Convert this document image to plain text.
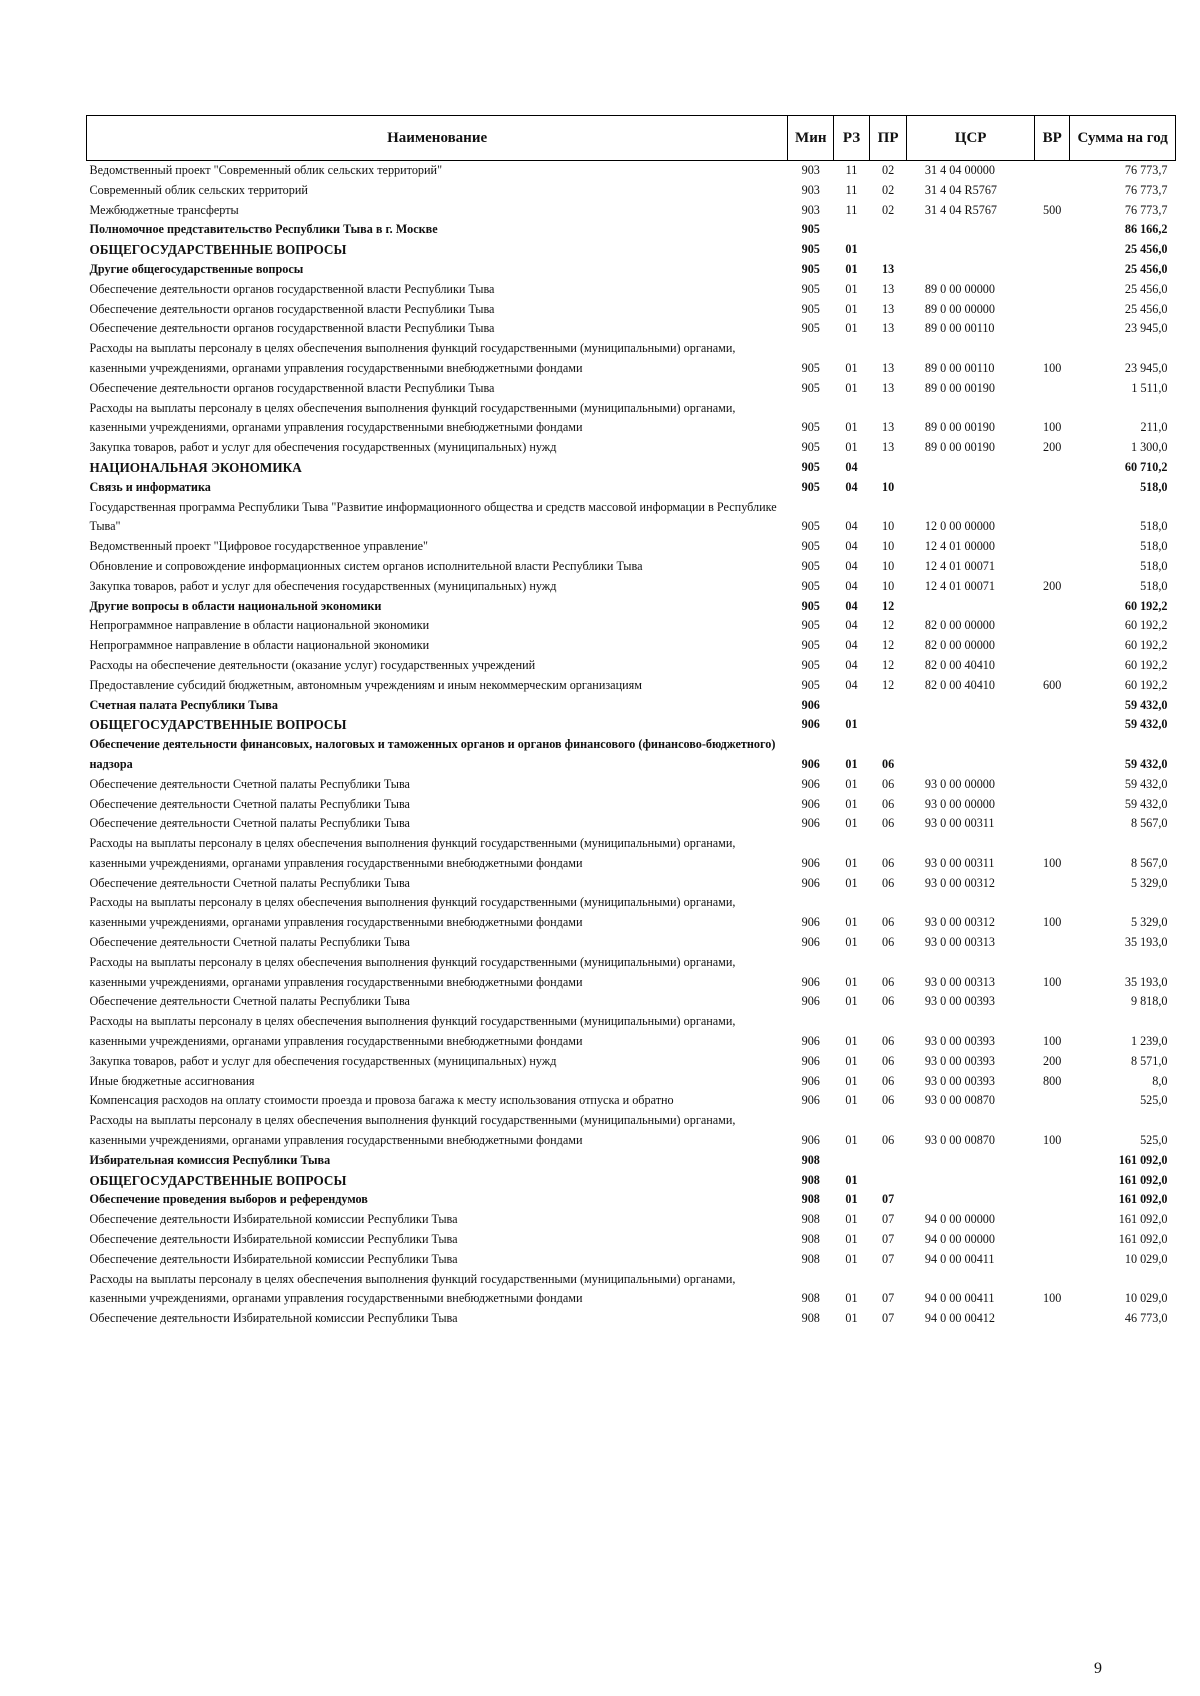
Наименование	Мин	РЗ	ПР	ЦСР	ВР	Сумма на год
Ведомственный проект "Современный облик сельских территорий"	903	11	02	31 4 04 00000		76 773,7
Современный облик сельских территорий	903	11	02	31 4 04 R5767		76 773,7
Межбюджетные трансферты	903	11	02	31 4 04 R5767	500	76 773,7
Полномочное представительство Республики Тыва в г. Москве	905					86 166,2
ОБЩЕГОСУДАРСТВЕННЫЕ ВОПРОСЫ	905	01				25 456,0
Другие общегосударственные вопросы	905	01	13			25 456,0
Обеспечение деятельности органов государственной власти Республики Тыва	905	01	13	89 0 00 00000		25 456,0
Обеспечение деятельности органов государственной власти Республики Тыва	905	01	13	89 0 00 00000		25 456,0
Обеспечение деятельности органов государственной власти Республики Тыва	905	01	13	89 0 00 00110		23 945,0
Расходы на выплаты персоналу в целях обеспечения выполнения функций государственными (муниципальными) органами, казенными учреждениями, органами управления государственными внебюджетными фондами	905	01	13	89 0 00 00110	100	23 945,0
Обеспечение деятельности органов государственной власти Республики Тыва	905	01	13	89 0 00 00190		1 511,0
Расходы на выплаты персоналу в целях обеспечения выполнения функций государственными (муниципальными) органами, казенными учреждениями, органами управления государственными внебюджетными фондами	905	01	13	89 0 00 00190	100	211,0
Закупка товаров, работ и услуг для обеспечения государственных (муниципальных) нужд	905	01	13	89 0 00 00190	200	1 300,0
НАЦИОНАЛЬНАЯ ЭКОНОМИКА	905	04				60 710,2
Связь и информатика	905	04	10			518,0
Государственная программа Республики Тыва "Развитие информационного общества и средств массовой информации в Республике Тыва"	905	04	10	12 0 00 00000		518,0
Ведомственный проект "Цифровое государственное управление"	905	04	10	12 4 01 00000		518,0
Обновление и сопровождение информационных систем органов исполнительной власти Республики Тыва	905	04	10	12 4 01 00071		518,0
Закупка товаров, работ и услуг для обеспечения государственных (муниципальных) нужд	905	04	10	12 4 01 00071	200	518,0
Другие вопросы в области национальной экономики	905	04	12			60 192,2
Непрограммное направление в области национальной экономики	905	04	12	82 0 00 00000		60 192,2
Непрограммное направление в области национальной экономики	905	04	12	82 0 00 00000		60 192,2
Расходы на обеспечение деятельности (оказание услуг) государственных учреждений	905	04	12	82 0 00 40410		60 192,2
Предоставление субсидий бюджетным, автономным учреждениям и иным некоммерческим организациям	905	04	12	82 0 00 40410	600	60 192,2
Счетная палата Республики Тыва	906					59 432,0
ОБЩЕГОСУДАРСТВЕННЫЕ ВОПРОСЫ	906	01				59 432,0
Обеспечение деятельности финансовых, налоговых и таможенных органов и органов финансового (финансово-бюджетного) надзора	906	01	06			59 432,0
Обеспечение деятельности Счетной палаты Республики Тыва	906	01	06	93 0 00 00000		59 432,0
Обеспечение деятельности Счетной палаты Республики Тыва	906	01	06	93 0 00 00000		59 432,0
Обеспечение деятельности Счетной палаты Республики Тыва	906	01	06	93 0 00 00311		8 567,0
Расходы на выплаты персоналу в целях обеспечения выполнения функций государственными (муниципальными) органами, казенными учреждениями, органами управления государственными внебюджетными фондами	906	01	06	93 0 00 00311	100	8 567,0
Обеспечение деятельности Счетной палаты Республики Тыва	906	01	06	93 0 00 00312		5 329,0
Расходы на выплаты персоналу в целях обеспечения выполнения функций государственными (муниципальными) органами, казенными учреждениями, органами управления государственными внебюджетными фондами	906	01	06	93 0 00 00312	100	5 329,0
Обеспечение деятельности Счетной палаты Республики Тыва	906	01	06	93 0 00 00313		35 193,0
Расходы на выплаты персоналу в целях обеспечения выполнения функций государственными (муниципальными) органами, казенными учреждениями, органами управления государственными внебюджетными фондами	906	01	06	93 0 00 00313	100	35 193,0
Обеспечение деятельности Счетной палаты Республики Тыва	906	01	06	93 0 00 00393		9 818,0
Расходы на выплаты персоналу в целях обеспечения выполнения функций государственными (муниципальными) органами, казенными учреждениями, органами управления государственными внебюджетными фондами	906	01	06	93 0 00 00393	100	1 239,0
Закупка товаров, работ и услуг для обеспечения государственных (муниципальных) нужд	906	01	06	93 0 00 00393	200	8 571,0
Иные бюджетные ассигнования	906	01	06	93 0 00 00393	800	8,0
Компенсация расходов на оплату стоимости проезда и провоза багажа к месту использования отпуска и обратно	906	01	06	93 0 00 00870		525,0
Расходы на выплаты персоналу в целях обеспечения выполнения функций государственными (муниципальными) органами, казенными учреждениями, органами управления государственными внебюджетными фондами	906	01	06	93 0 00 00870	100	525,0
Избирательная комиссия Республики Тыва	908					161 092,0
ОБЩЕГОСУДАРСТВЕННЫЕ ВОПРОСЫ	908	01				161 092,0
Обеспечение проведения выборов и референдумов	908	01	07			161 092,0
Обеспечение деятельности Избирательной комиссии Республики Тыва	908	01	07	94 0 00 00000		161 092,0
Обеспечение деятельности Избирательной комиссии Республики Тыва	908	01	07	94 0 00 00000		161 092,0
Обеспечение деятельности Избирательной комиссии Республики Тыва	908	01	07	94 0 00 00411		10 029,0
Расходы на выплаты персоналу в целях обеспечения выполнения функций государственными (муниципальными) органами, казенными учреждениями, органами управления государственными внебюджетными фондами	908	01	07	94 0 00 00411	100	10 029,0
Обеспечение деятельности Избирательной комиссии Республики Тыва	908	01	07	94 0 00 00412		46 773,0
9
